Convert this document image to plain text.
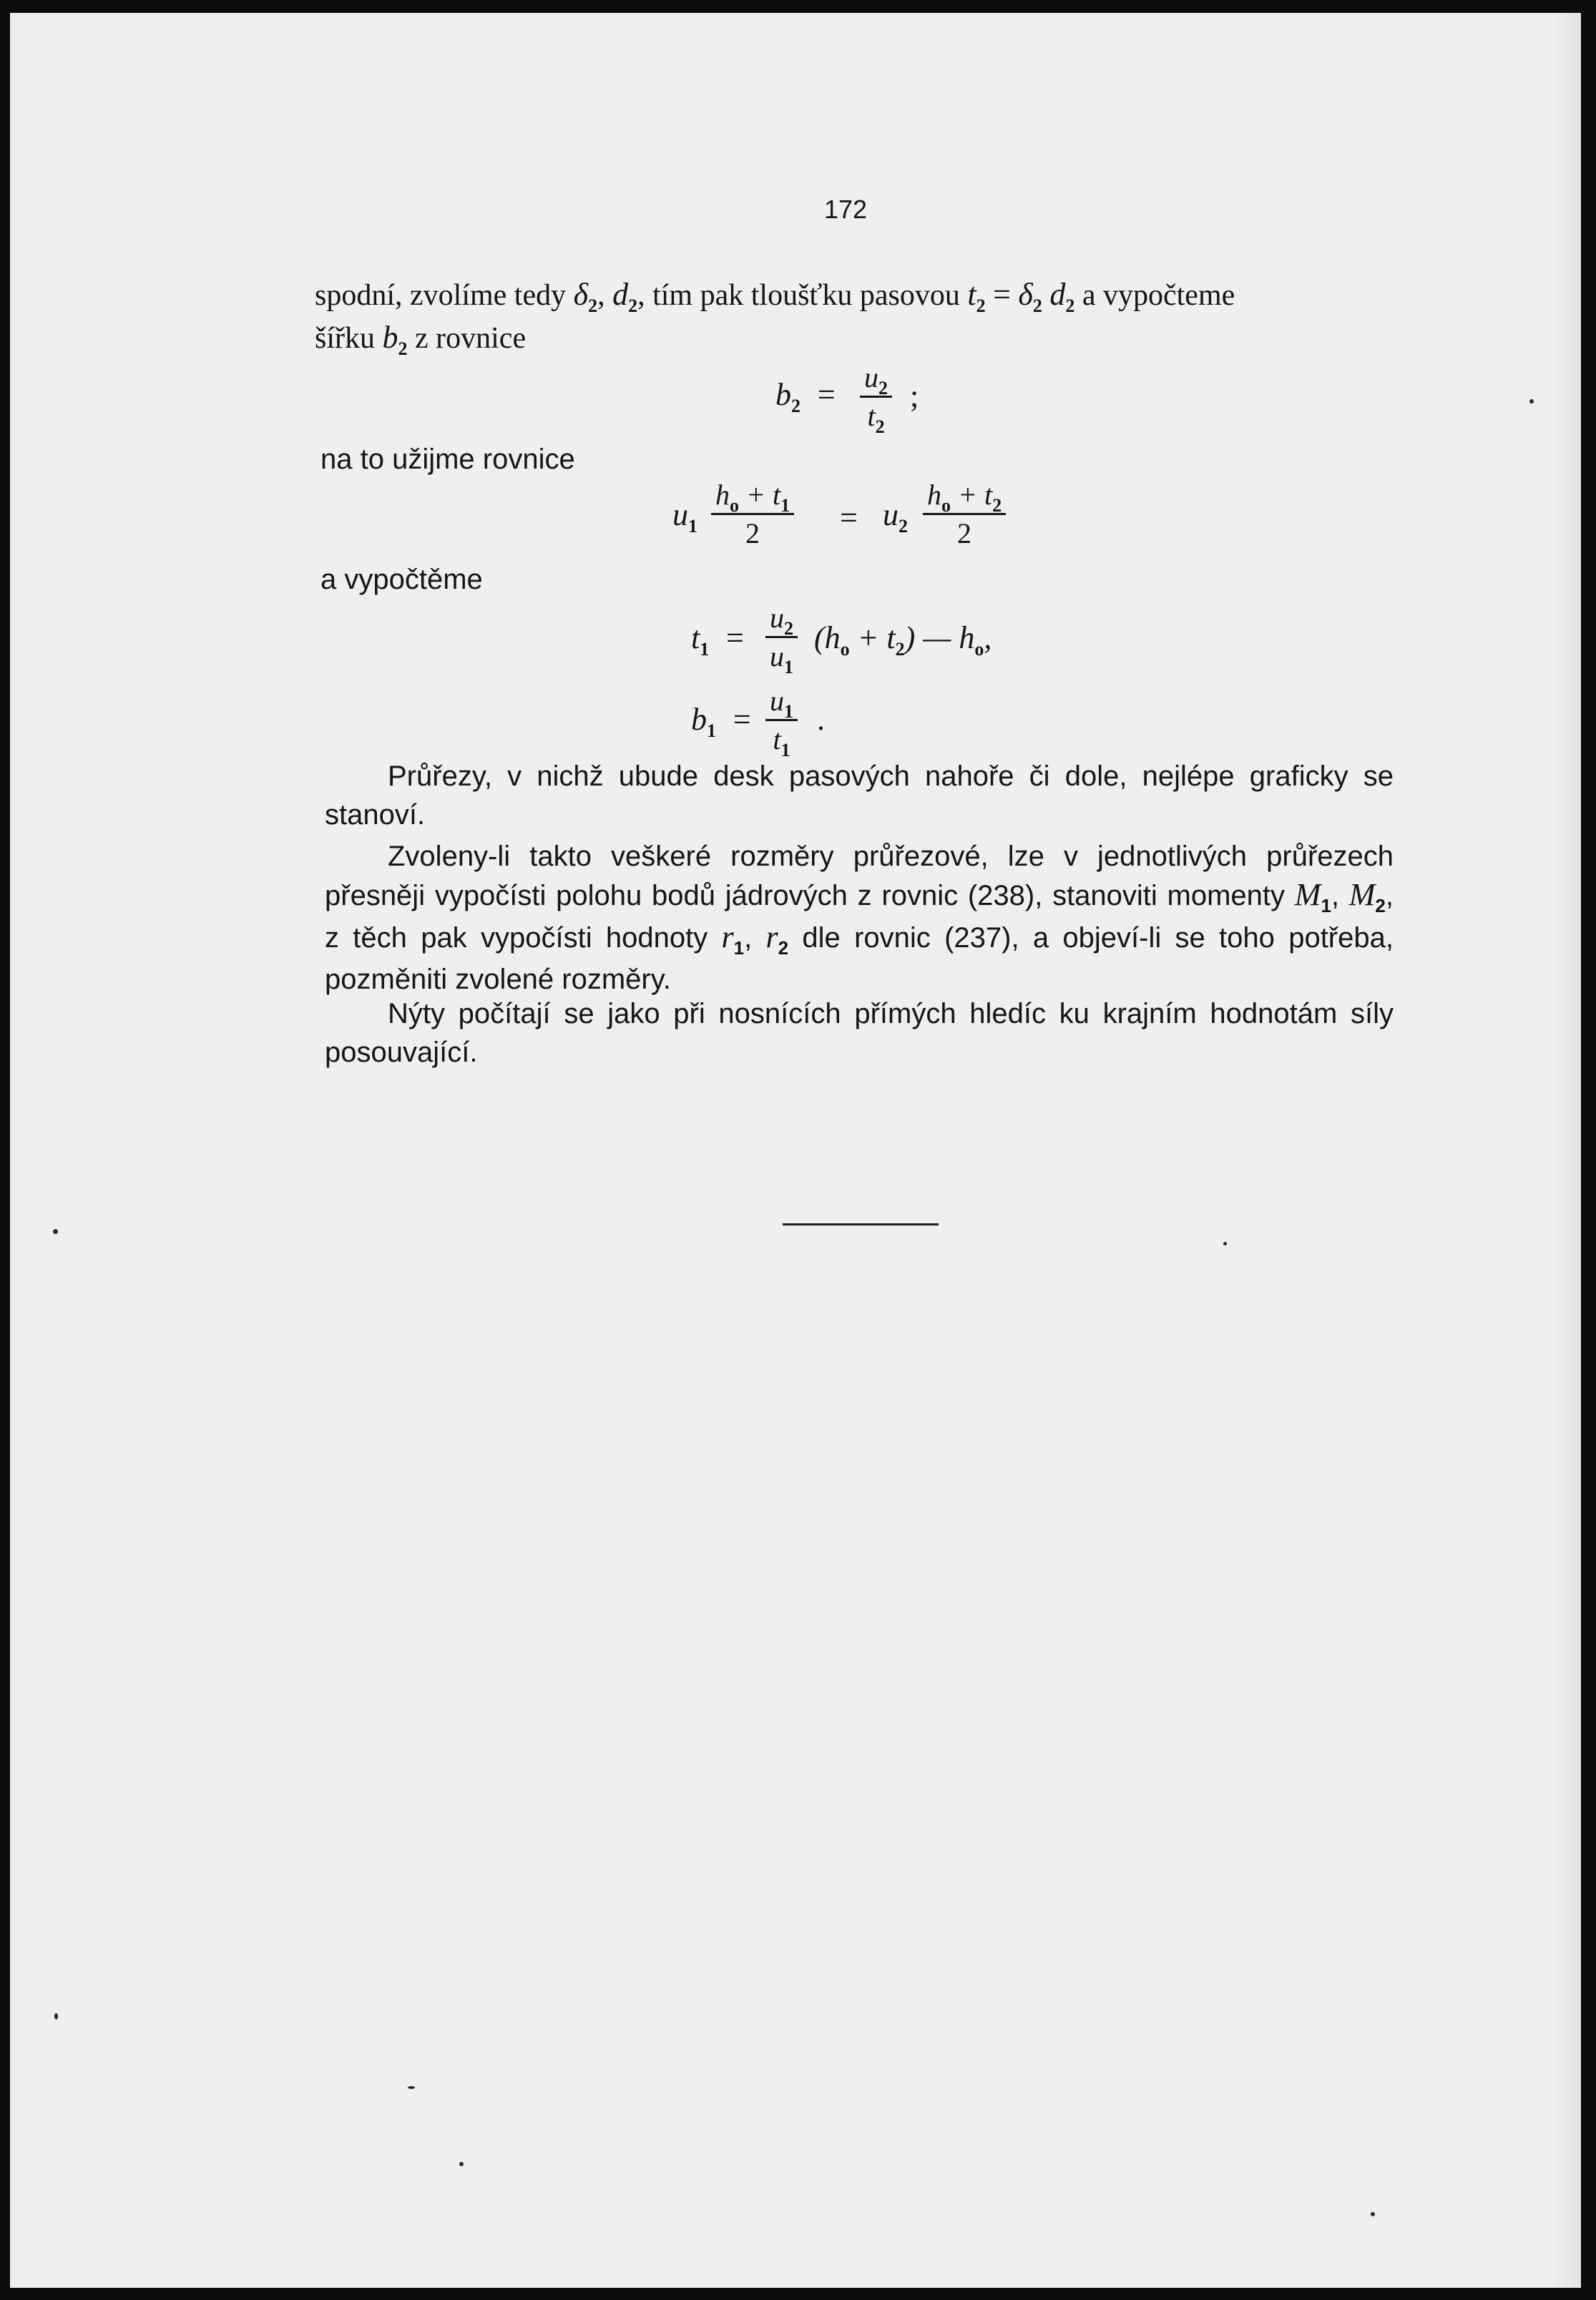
172
spodní, zvolíme tedy $\delta_2$, $d_2$, tím pak tloušťku pasovou $t_2 = \delta_2$ $d_2$ a vypočteme
šířku $b_2$ z rovnice
$b_2 = \frac{u_2}{t_2}$ ;
na to užijme rovnice
$u_1 \frac{h_o + t_1}{2} = u_2 \frac{h_o + t_2}{2}$
a vypočtěme
$t_1 = \frac{u_2}{u_1} (h_o + t_2)$ — $h_o$,
$b_1 = \frac{u_1}{t_1}$ .
Průřezy, v nichž ubude desk pasových nahoře či dole, nejlépe graficky se stanoví.
Zvoleny-li takto veškeré rozměry průřezové, lze v jednotlivých průřezech přesněji vypočísti polohu bodů jádrových z rovnic (238), stanoviti momenty $M_1$, $M_2$, z těch pak vypočísti hodnoty $r_1$, $r_2$ dle rovnic (237), a objeví-li se toho potřeba, pozměniti zvolené rozměry.
Nýty počítají se jako při nosnících přímých hledíc ku krajním hodnotám síly posouvající.
